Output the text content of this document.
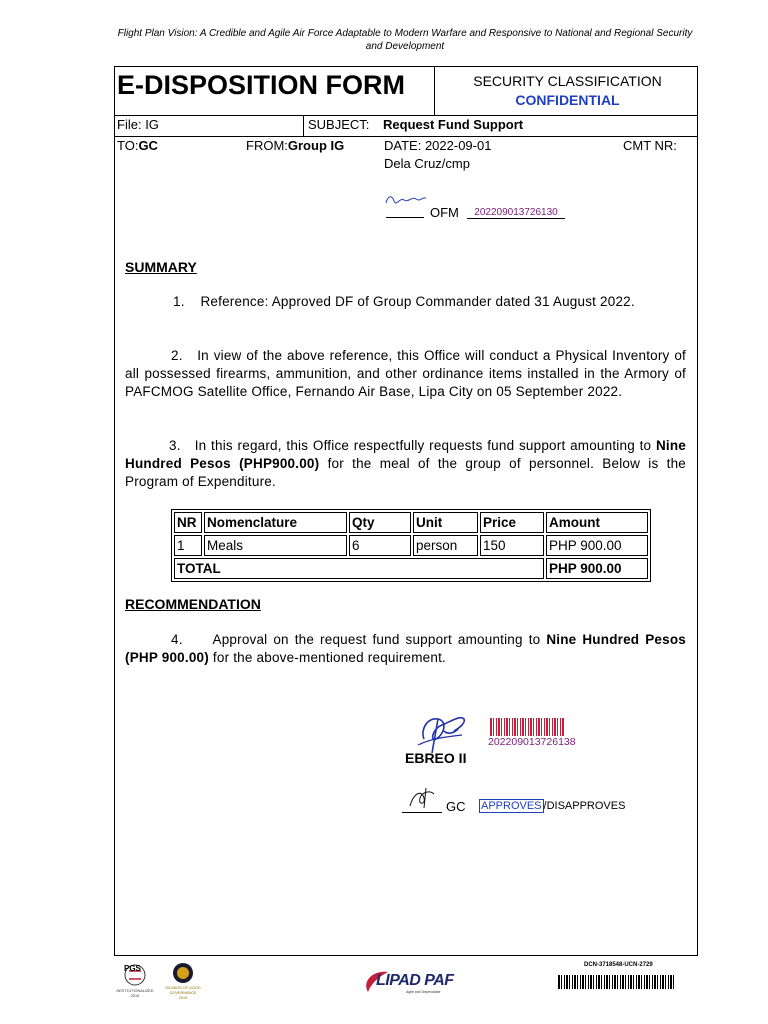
Flight Plan Vision: A Credible and Agile Air Force Adaptable to Modern Warfare and Responsive to National and Regional Security and Development
E-DISPOSITION FORM	SECURITY CLASSIFICATION
CONFIDENTIAL
File: IG	SUBJECT: Request Fund Support
TO:GC	FROM:Group IG	DATE: 2022-09-01	CMT NR:
Dela Cruz/cmp
OFM	202209013726130
SUMMARY
1. Reference: Approved DF of Group Commander dated 31 August 2022.
2. In view of the above reference, this Office will conduct a Physical Inventory of all possessed firearms, ammunition, and other ordinance items installed in the Armory of PAFCMOG Satellite Office, Fernando Air Base, Lipa City on 05 September 2022.
3. In this regard, this Office respectfully requests fund support amounting to Nine Hundred Pesos (PHP900.00) for the meal of the group of personnel. Below is the Program of Expenditure.
NR	Nomenclature	Qty	Unit	Price	Amount
1	Meals	6	person	150	PHP 900.00
TOTAL					PHP 900.00
RECOMMENDATION
4. Approval on the request fund support amounting to Nine Hundred Pesos (PHP 900.00) for the above-mentioned requirement.
202209013726138
EBREO II
GC APPROVES /DISAPPROVES
PGS
INSTITUTIONALIZED
2019
ISLANDS OF GOOD
GOVERNANCE
2019
LIPAD PAF
Agile and Dependable
DCN-3718548-UCN-2729
